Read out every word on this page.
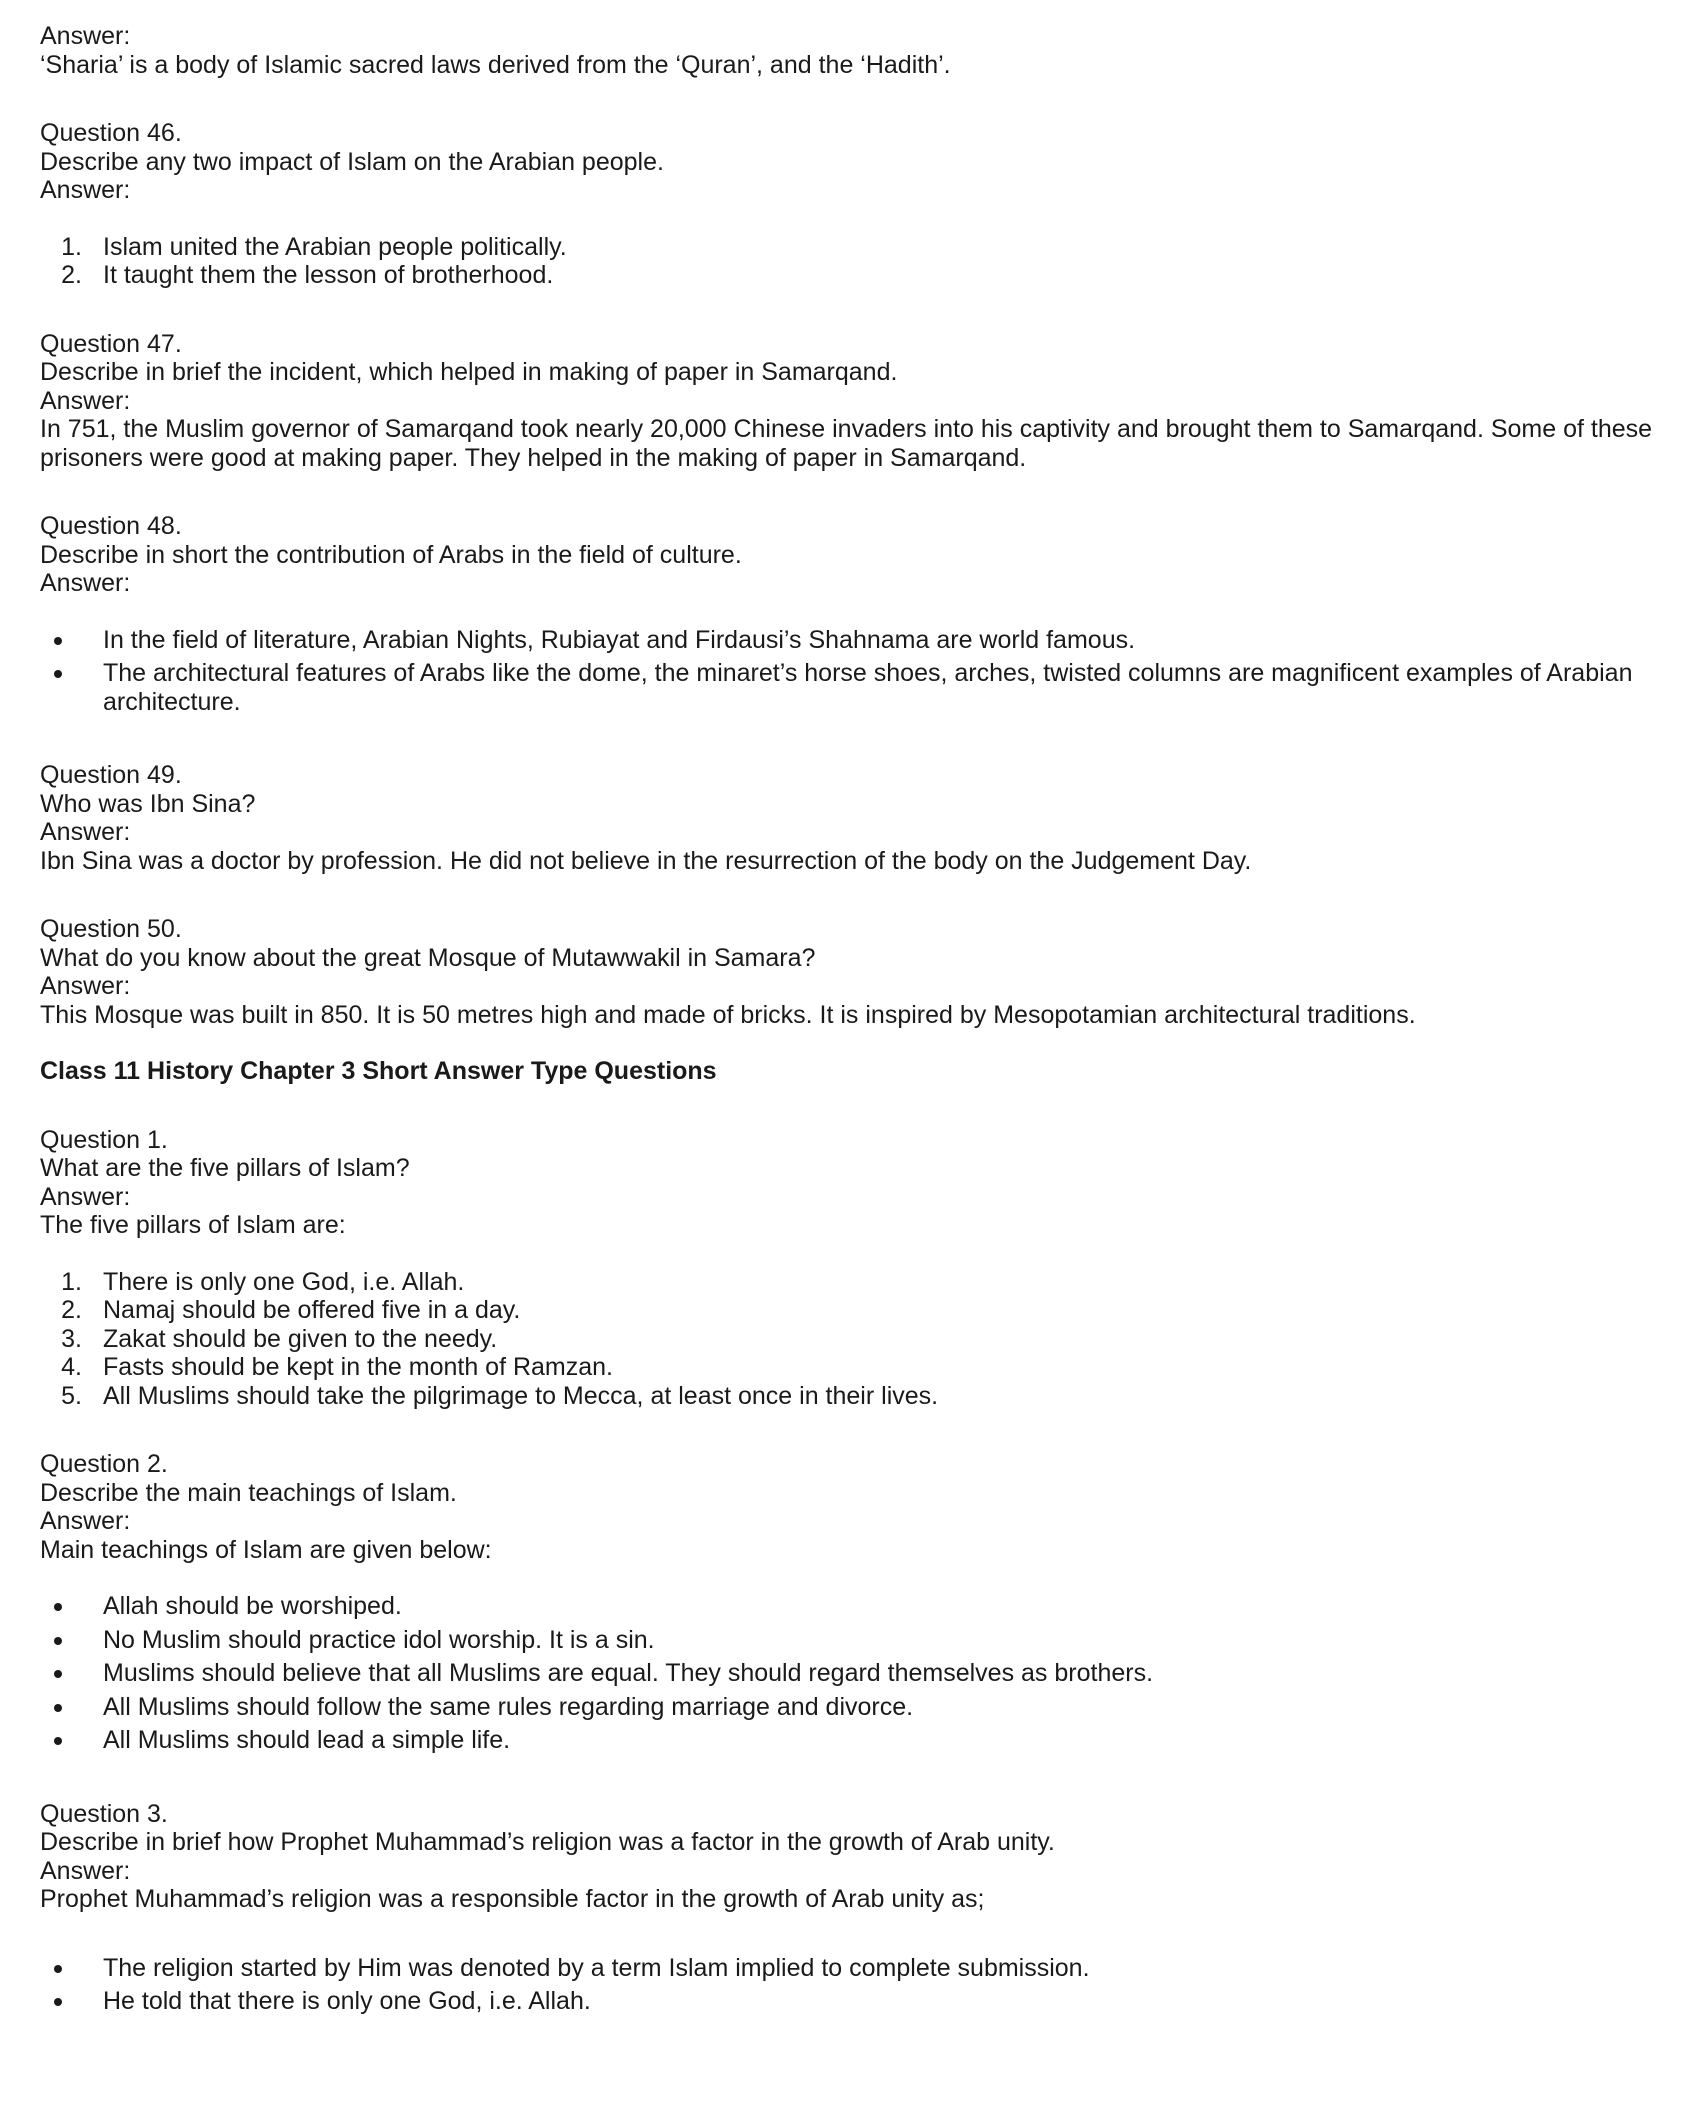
Answer:

‘Sharia’ is a body of Islamic sacred laws derived from the ‘Quran’, and the ‘Hadith’.

Question 46.

Describe any two impact of Islam on the Arabian people.

Answer:

1. Islam united the Arabian people politically.
2. It taught them the lesson of brotherhood.

Question 47.

Describe in brief the incident, which helped in making of paper in Samarqand.

Answer:

In 751, the Muslim governor of Samarqand took nearly 20,000 Chinese invaders into his captivity and brought them to Samarqand. Some of these prisoners were good at making paper. They helped in the making of paper in Samarqand.

Question 48.

Describe in short the contribution of Arabs in the field of culture.

Answer:

In the field of literature, Arabian Nights, Rubiayat and Firdausi’s Shahnama are world famous.
The architectural features of Arabs like the dome, the minaret’s horse shoes, arches, twisted columns are magnificent examples of Arabian architecture.

Question 49.

Who was Ibn Sina?

Answer:

Ibn Sina was a doctor by profession. He did not believe in the resurrection of the body on the Judgement Day.

Question 50.

What do you know about the great Mosque of Mutawwakil in Samara?

Answer:

This Mosque was built in 850. It is 50 metres high and made of bricks. It is inspired by Mesopotamian architectural traditions.

Class 11 History Chapter 3 Short Answer Type Questions

Question 1.

What are the five pillars of Islam?

Answer:

The five pillars of Islam are:

1. There is only one God, i.e. Allah.
2. Namaj should be offered five in a day.
3. Zakat should be given to the needy.
4. Fasts should be kept in the month of Ramzan.
5. All Muslims should take the pilgrimage to Mecca, at least once in their lives.

Question 2.

Describe the main teachings of Islam.

Answer:

Main teachings of Islam are given below:

Allah should be worshiped.
No Muslim should practice idol worship. It is a sin.
Muslims should believe that all Muslims are equal. They should regard themselves as brothers.
All Muslims should follow the same rules regarding marriage and divorce.
All Muslims should lead a simple life.

Question 3.

Describe in brief how Prophet Muhammad’s religion was a factor in the growth of Arab unity.

Answer:

Prophet Muhammad’s religion was a responsible factor in the growth of Arab unity as;

The religion started by Him was denoted by a term Islam implied to complete submission.
He told that there is only one God, i.e. Allah.
